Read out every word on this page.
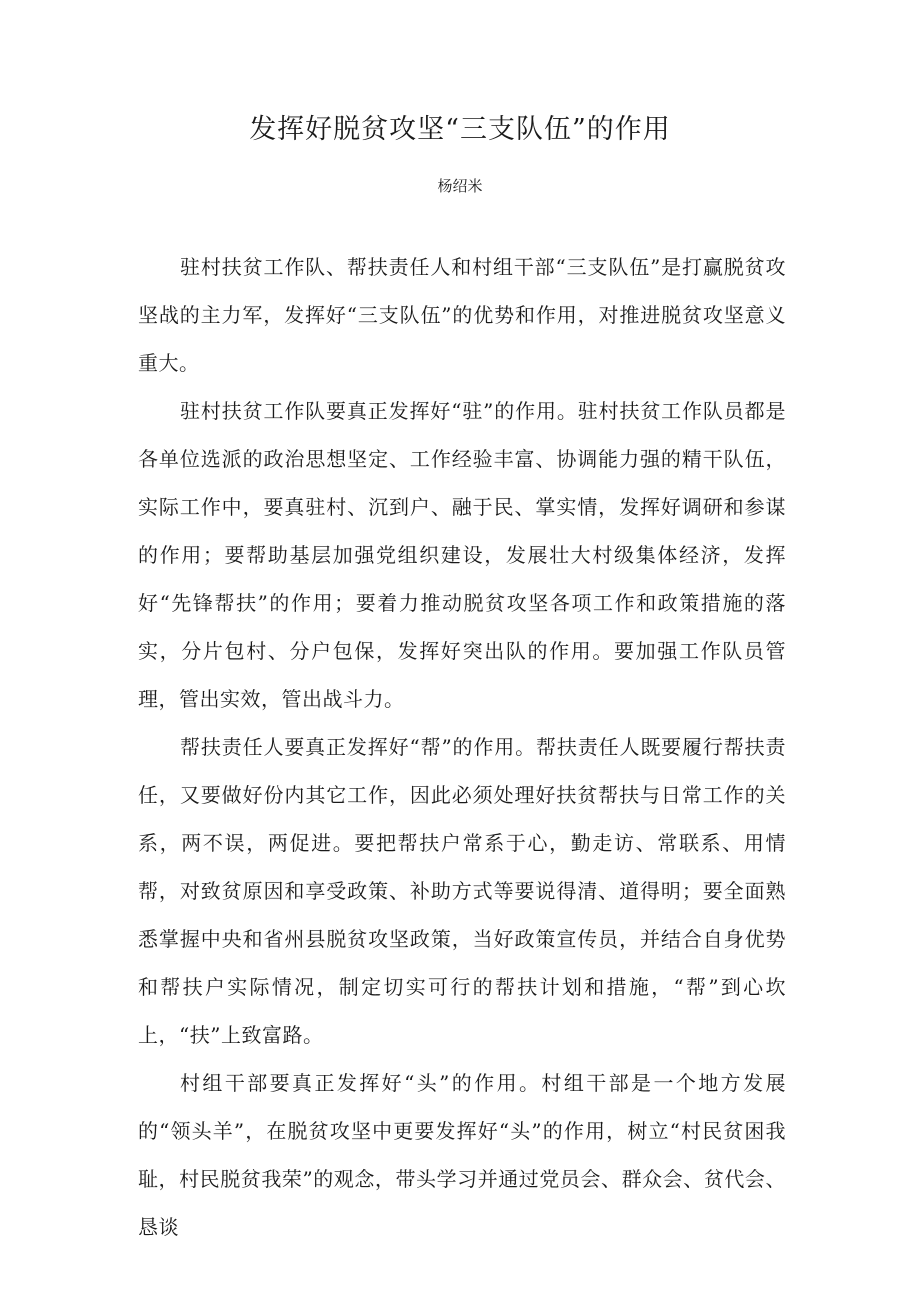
发挥好脱贫攻坚“三支队伍”的作用

杨绍米

驻村扶贫工作队、帮扶责任人和村组干部“三支队伍”是打赢脱贫攻坚战的主力军，发挥好“三支队伍”的优势和作用，对推进脱贫攻坚意义重大。

驻村扶贫工作队要真正发挥好“驻”的作用。驻村扶贫工作队员都是各单位选派的政治思想坚定、工作经验丰富、协调能力强的精干队伍，实际工作中，要真驻村、沉到户、融于民、掌实情，发挥好调研和参谋的作用；要帮助基层加强党组织建设，发展壮大村级集体经济，发挥好“先锋帮扶”的作用；要着力推动脱贫攻坚各项工作和政策措施的落实，分片包村、分户包保，发挥好突出队的作用。要加强工作队员管理，管出实效，管出战斗力。

帮扶责任人要真正发挥好“帮”的作用。帮扶责任人既要履行帮扶责任，又要做好份内其它工作，因此必须处理好扶贫帮扶与日常工作的关系，两不误，两促进。要把帮扶户常系于心，勤走访、常联系、用情帮，对致贫原因和享受政策、补助方式等要说得清、道得明；要全面熟悉掌握中央和省州县脱贫攻坚政策，当好政策宣传员，并结合自身优势和帮扶户实际情况，制定切实可行的帮扶计划和措施，“帮”到心坎上，“扶”上致富路。

村组干部要真正发挥好“头”的作用。村组干部是一个地方发展的“领头羊”，在脱贫攻坚中更要发挥好“头”的作用，树立“村民贫困我耻，村民脱贫我荣”的观念，带头学习并通过党员会、群众会、贫代会、恳谈
